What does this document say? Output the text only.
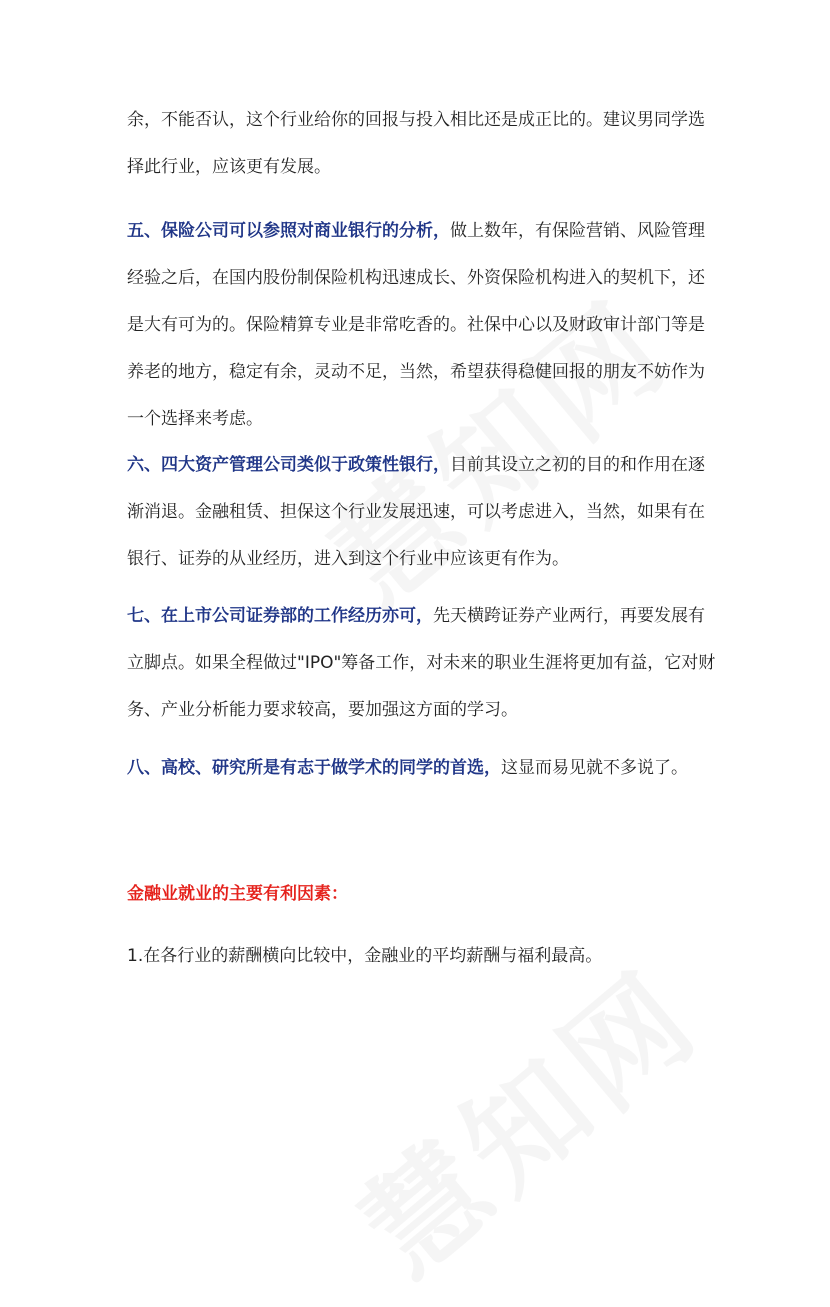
余，不能否认，这个行业给你的回报与投入相比还是成正比的。建议男同学选择此行业，应该更有发展。

五、保险公司可以参照对商业银行的分析，做上数年，有保险营销、风险管理经验之后，在国内股份制保险机构迅速成长、外资保险机构进入的契机下，还是大有可为的。保险精算专业是非常吃香的。社保中心以及财政审计部门等是养老的地方，稳定有余，灵动不足，当然，希望获得稳健回报的朋友不妨作为一个选择来考虑。

六、四大资产管理公司类似于政策性银行，目前其设立之初的目的和作用在逐渐消退。金融租赁、担保这个行业发展迅速，可以考虑进入，当然，如果有在银行、证券的从业经历，进入到这个行业中应该更有作为。

七、在上市公司证券部的工作经历亦可，先天横跨证券产业两行，再要发展有立脚点。如果全程做过"IPO"筹备工作，对未来的职业生涯将更加有益，它对财务、产业分析能力要求较高，要加强这方面的学习。

八、高校、研究所是有志于做学术的同学的首选，这显而易见就不多说了。

金融业就业的主要有利因素：

1.在各行业的薪酬横向比较中，金融业的平均薪酬与福利最高。
